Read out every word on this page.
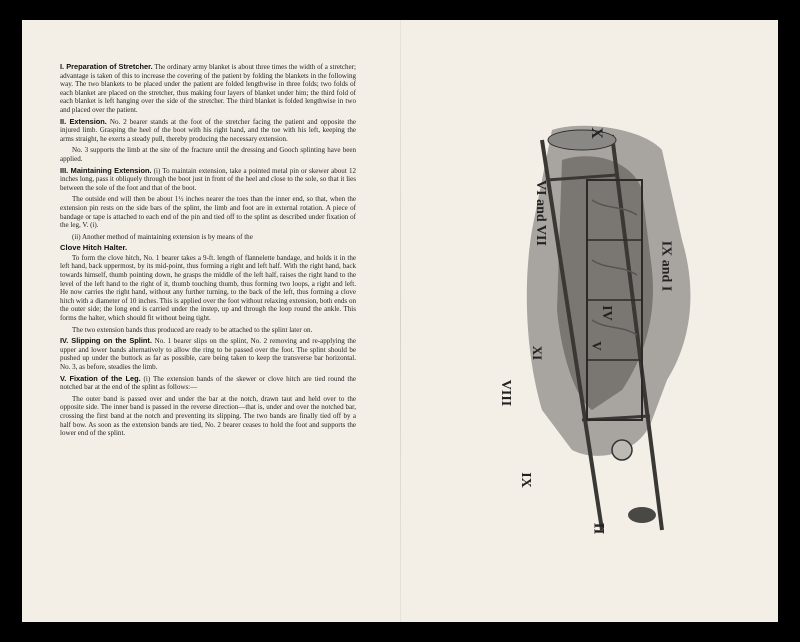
I. Preparation of Stretcher. The ordinary army blanket is about three times the width of a stretcher; advantage is taken of this to increase the covering of the patient by folding the blankets in the following way. The two blankets to be placed under the patient are folded lengthwise in three folds; two folds of each blanket are placed on the stretcher, thus making four layers of blanket under him; the third fold of each blanket is left hanging over the side of the stretcher. The third blanket is folded lengthwise in two and placed over the patient.

II. Extension. No. 2 bearer stands at the foot of the stretcher facing the patient and opposite the injured limb. Grasping the heel of the boot with his right hand, and the toe with his left, keeping the arms straight, he exerts a steady pull, thereby producing the necessary extension.

No. 3 supports the limb at the site of the fracture until the dressing and Gooch splinting have been applied.

III. Maintaining Extension. (i) To maintain extension, take a pointed metal pin or skewer about 12 inches long, pass it obliquely through the boot just in front of the heel and close to the sole, so that it lies between the sole of the foot and that of the boot.

The outside end will then be about 1½ inches nearer the toes than the inner end, so that, when the extension pin rests on the side bars of the splint, the limb and foot are in external rotation. A piece of bandage or tape is attached to each end of the pin and tied off to the splint as described under fixation of the leg, V. (i).

(ii) Another method of maintaining extension is by means of the

Clove Hitch Halter.

To form the clove hitch, No. 1 bearer takes a 9-ft. length of flannelette bandage, and holds it in the left hand, back uppermost, by its mid-point, thus forming a right and left half. With the right hand, back towards himself, thumb pointing down, he grasps the middle of the left half, raises the right hand to the level of the left hand to the right of it, thumb touching thumb, thus forming two loops, a right and left. He now carries the right hand, without any further turning, to the back of the left, thus forming a clove hitch with a diameter of 10 inches. This is applied over the foot without relaxing extension, both ends on the outer side; the long end is carried under the instep, up and through the loop round the ankle. This forms the halter, which should fit without being tight.

The two extension bands thus produced are ready to be attached to the splint later on.

IV. Slipping on the Splint. No. 1 bearer slips on the splint, No. 2 removing and re-applying the upper and lower bands alternatively to allow the ring to be passed over the foot. The splint should be pushed up under the buttock as far as possible, care being taken to keep the transverse bar horizontal. No. 3, as before, steadies the limb.

V. Fixation of the Leg. (i) The extension bands of the skewer or clove hitch are tied round the notched bar at the end of the splint as follows:—

The outer band is passed over and under the bar at the notch, drawn taut and held over to the opposite side. The inner band is passed in the reverse direction—that is, under and over the notched bar, crossing the first band at the notch and preventing its slipping. The two bands are finally tied off by a half bow. As soon as the extension bands are tied, No. 2 bearer ceases to hold the foot and supports the lower end of the splint.

X
VI and VII
IX and I
IV
V
XI
VIII
IX
II
